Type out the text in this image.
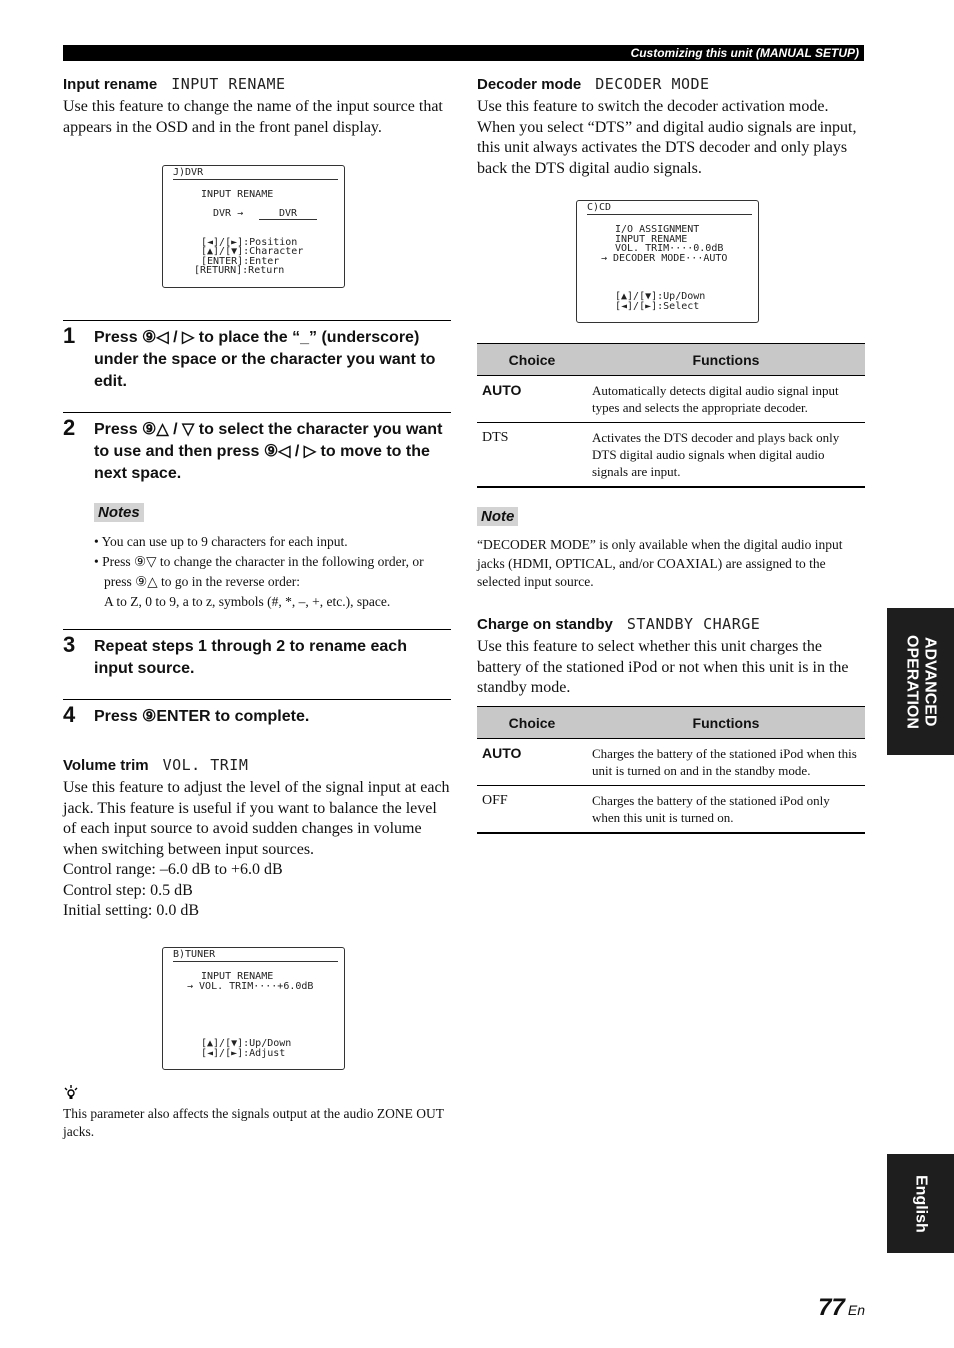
Customizing this unit (MANUAL SETUP)

Input rename INPUT RENAME

Use this feature to change the name of the input source that appears in the OSD and in the front panel display.

J)DVR
INPUT RENAME
DVR →	DVR
[◄]/[►]:Position
[▲]/[▼]:Character
[ENTER]:Enter
[RETURN]:Return
1 Press ⑨◁ / ▷ to place the “_” (underscore) under the space or the character you want to edit.
2 Press ⑨△ / ▽ to select the character you want to use and then press ⑨◁ / ▷ to move to the next space.
Notes
• You can use up to 9 characters for each input.
• Press ⑨▽ to change the character in the following order, or press ⑨△ to go in the reverse order:
A to Z, 0 to 9, a to z, symbols (#, *, –, +, etc.), space.
3 Repeat steps 1 through 2 to rename each input source.
4 Press ⑨ENTER to complete.

Volume trim VOL. TRIM

Use this feature to adjust the level of the signal input at each jack. This feature is useful if you want to balance the level of each input source to avoid sudden changes in volume when switching between input sources.

Control range: –6.0 dB to +6.0 dB

Control step: 0.5 dB

Initial setting: 0.0 dB

B)TUNER
INPUT RENAME
→ VOL. TRIM····+6.0dB
[▲]/[▼]:Up/Down
[◄]/[►]:Adjust
This parameter also affects the signals output at the audio ZONE OUT jacks.

Decoder mode DECODER MODE

Use this feature to switch the decoder activation mode. When you select “DTS” and digital audio signals are input, this unit always activates the DTS decoder and only plays back the DTS digital audio signals.

C)CD
I/O ASSIGNMENT
INPUT RENAME
VOL. TRIM····0.0dB
→ DECODER MODE···AUTO
[▲]/[▼]:Up/Down
[◄]/[►]:Select
Choice	Functions
AUTO	Automatically detects digital audio signal input types and selects the appropriate decoder.
DTS	Activates the DTS decoder and plays back only DTS digital audio signals when digital audio signals are input.
Note
“DECODER MODE” is only available when the digital audio input jacks (HDMI, OPTICAL, and/or COAXIAL) are assigned to the selected input source.

Charge on standby STANDBY CHARGE

Use this feature to select whether this unit charges the battery of the stationed iPod or not when this unit is in the standby mode.

Choice	Functions
AUTO	Charges the battery of the stationed iPod when this unit is turned on and in the standby mode.
OFF	Charges the battery of the stationed iPod only when this unit is turned on.
ADVANCED OPERATION
English
77 En
